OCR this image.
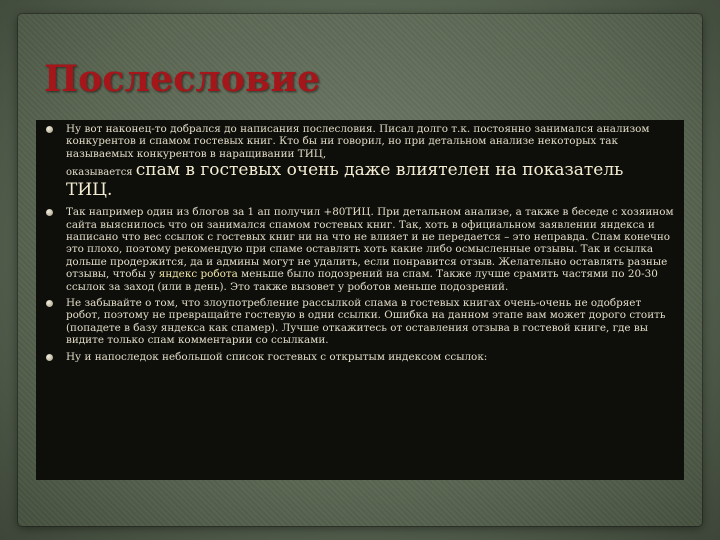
Послесловие
Ну вот наконец-то добрался до написания послесловия. Писал долго т.к. постоянно занимался анализом конкурентов и спамом гостевых книг. Кто бы ни говорил, но при детальном анализе некоторых так называемых конкурентов в наращивании ТИЦ,
оказывается спам в гостевых очень даже влиятелен на показатель ТИЦ.
Так например один из блогов за 1 ап получил +80ТИЦ. При детальном анализе, а также в беседе с хозяином сайта выяснилось что он занимался спамом гостевых книг. Так, хоть в официальном заявлении яндекса и написано что вес ссылок с гостевых книг ни на что не влияет и не передается – это неправда. Спам конечно это плохо, поэтому рекомендую при спаме оставлять хоть какие либо осмысленные отзывы. Так и ссылка дольше продержится, да и админы могут не удалить, если понравится отзыв. Желательно оставлять разные отзывы, чтобы у яндекс робота меньше было подозрений на спам. Также лучше срамить частями по 20-30 ссылок за заход (или в день). Это также вызовет у роботов меньше подозрений.
Не забывайте о том, что злоупотребление рассылкой спама в гостевых книгах очень-очень не одобряет робот, поэтому не превращайте гостевую в одни ссылки. Ошибка на данном этапе вам может дорого стоить (попадете в базу яндекса как спамер). Лучше откажитесь от оставления отзыва в гостевой книге, где вы видите только спам комментарии со ссылками.
Ну и напоследок небольшой список гостевых с открытым индексом ссылок:
